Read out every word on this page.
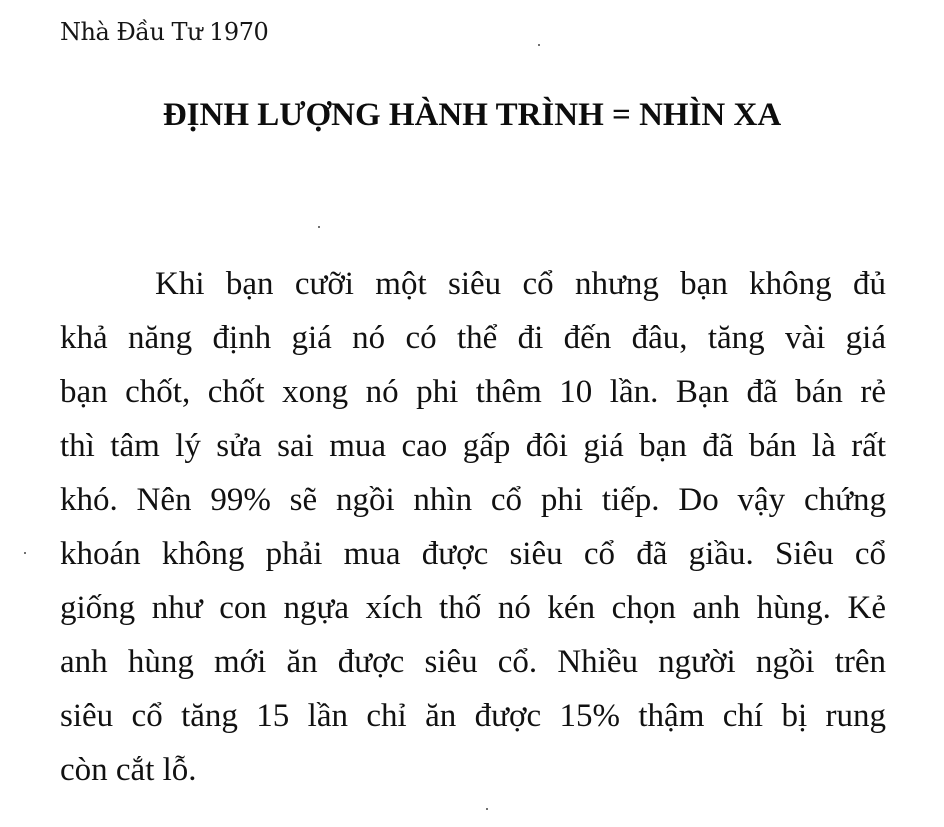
Nhà Đầu Tư 1970
ĐỊNH LƯỢNG HÀNH TRÌNH = NHÌN XA
Khi bạn cưỡi một siêu cổ nhưng bạn không đủ
khả năng định giá nó có thể đi đến đâu, tăng vài giá
bạn chốt, chốt xong nó phi thêm 10 lần. Bạn đã bán rẻ
thì tâm lý sửa sai mua cao gấp đôi giá bạn đã bán là rất
khó. Nên 99% sẽ ngồi nhìn cổ phi tiếp. Do vậy chứng
khoán không phải mua được siêu cổ đã giầu. Siêu cổ
giống như con ngựa xích thố nó kén chọn anh hùng. Kẻ
anh hùng mới ăn được siêu cổ. Nhiều người ngồi trên
siêu cổ tăng 15 lần chỉ ăn được 15% thậm chí bị rung
còn cắt lỗ.
